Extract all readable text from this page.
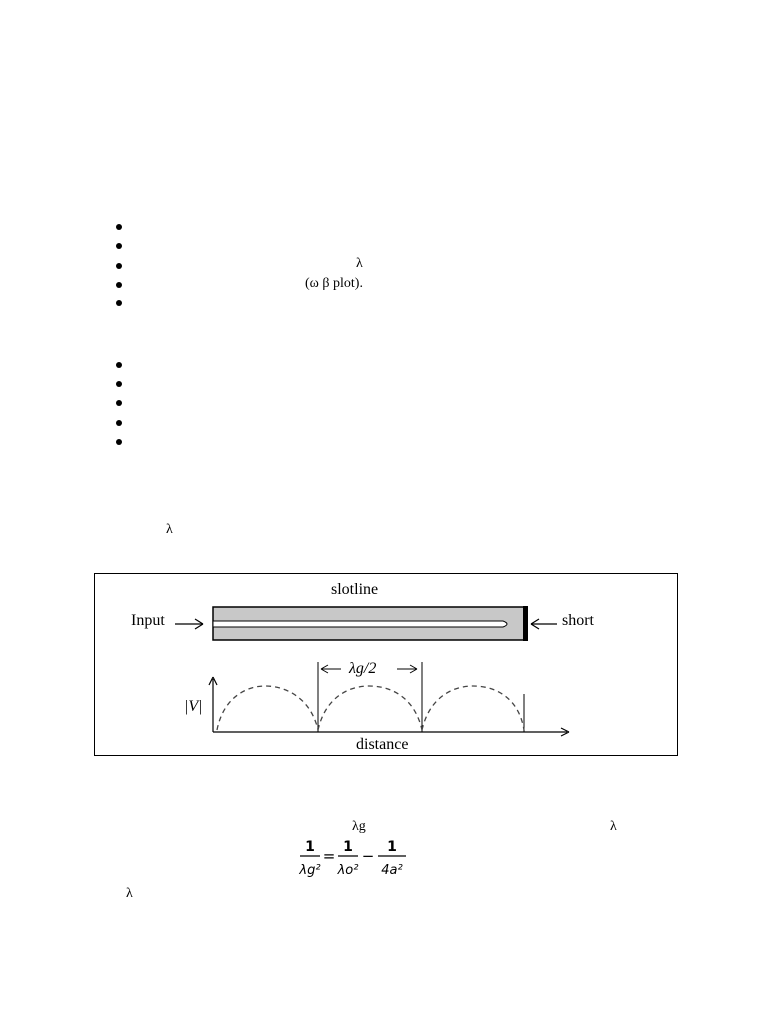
λ
(ω β plot).
λ
slotline
Input	short
λg/2
|V|
distance
λg	λ
1
λg²
= 1
λo²
− 1
4a²
λ
